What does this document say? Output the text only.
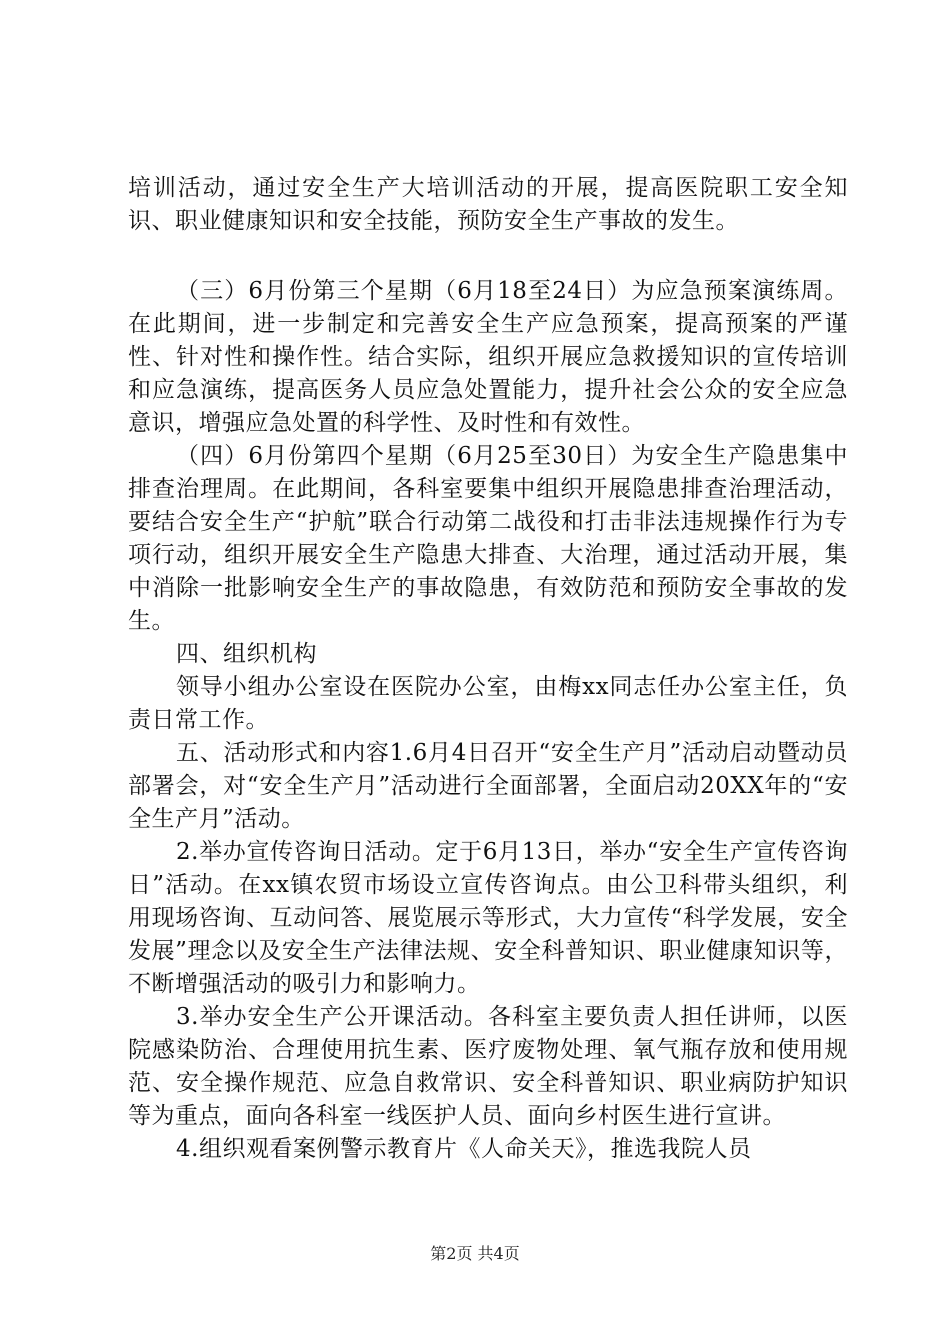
培训活动，通过安全生产大培训活动的开展，提高医院职工安全知识、职业健康知识和安全技能，预防安全生产事故的发生。

（三）6月份第三个星期（6月18至24日）为应急预案演练周。在此期间，进一步制定和完善安全生产应急预案，提高预案的严谨性、针对性和操作性。结合实际，组织开展应急救援知识的宣传培训和应急演练，提高医务人员应急处置能力，提升社会公众的安全应急意识，增强应急处置的科学性、及时性和有效性。

（四）6月份第四个星期（6月25至30日）为安全生产隐患集中排查治理周。在此期间，各科室要集中组织开展隐患排查治理活动，要结合安全生产“护航”联合行动第二战役和打击非法违规操作行为专项行动，组织开展安全生产隐患大排查、大治理，通过活动开展，集中消除一批影响安全生产的事故隐患，有效防范和预防安全事故的发生。

四、组织机构

领导小组办公室设在医院办公室，由梅xx同志任办公室主任，负责日常工作。

五、活动形式和内容1.6月4日召开“安全生产月”活动启动暨动员部署会，对“安全生产月”活动进行全面部署，全面启动20XX年的“安全生产月”活动。

2.举办宣传咨询日活动。定于6月13日，举办“安全生产宣传咨询日”活动。在xx镇农贸市场设立宣传咨询点。由公卫科带头组织，利用现场咨询、互动问答、展览展示等形式，大力宣传“科学发展，安全发展”理念以及安全生产法律法规、安全科普知识、职业健康知识等，不断增强活动的吸引力和影响力。

3.举办安全生产公开课活动。各科室主要负责人担任讲师，以医院感染防治、合理使用抗生素、医疗废物处理、氧气瓶存放和使用规范、安全操作规范、应急自救常识、安全科普知识、职业病防护知识等为重点，面向各科室一线医护人员、面向乡村医生进行宣讲。

4.组织观看案例警示教育片《人命关天》，推选我院人员

第2页 共4页
